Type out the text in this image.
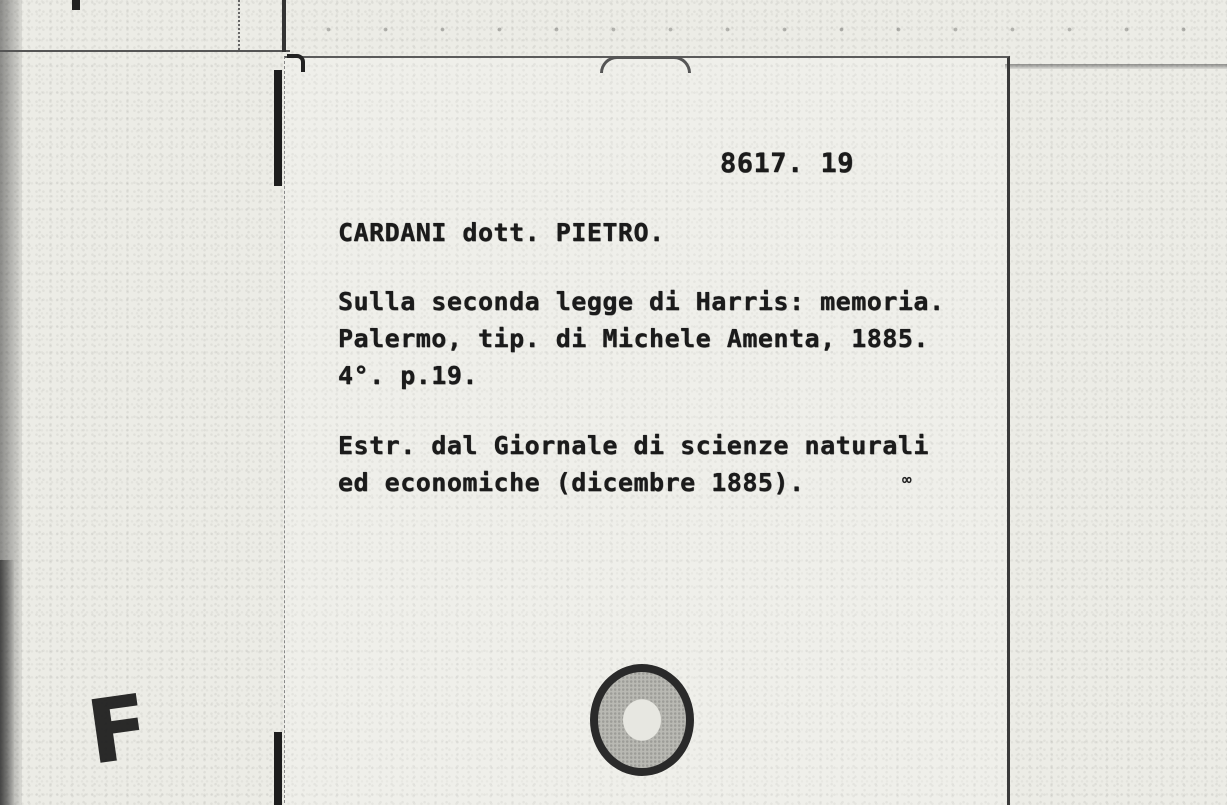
8617. 19
CARDANI dott. PIETRO.
Sulla seconda legge di Harris: memoria.
Palermo, tip. di Michele Amenta, 1885.
4°. p.19.
Estr. dal Giornale di scienze naturali
ed economiche (dicembre 1885).	∞
F
